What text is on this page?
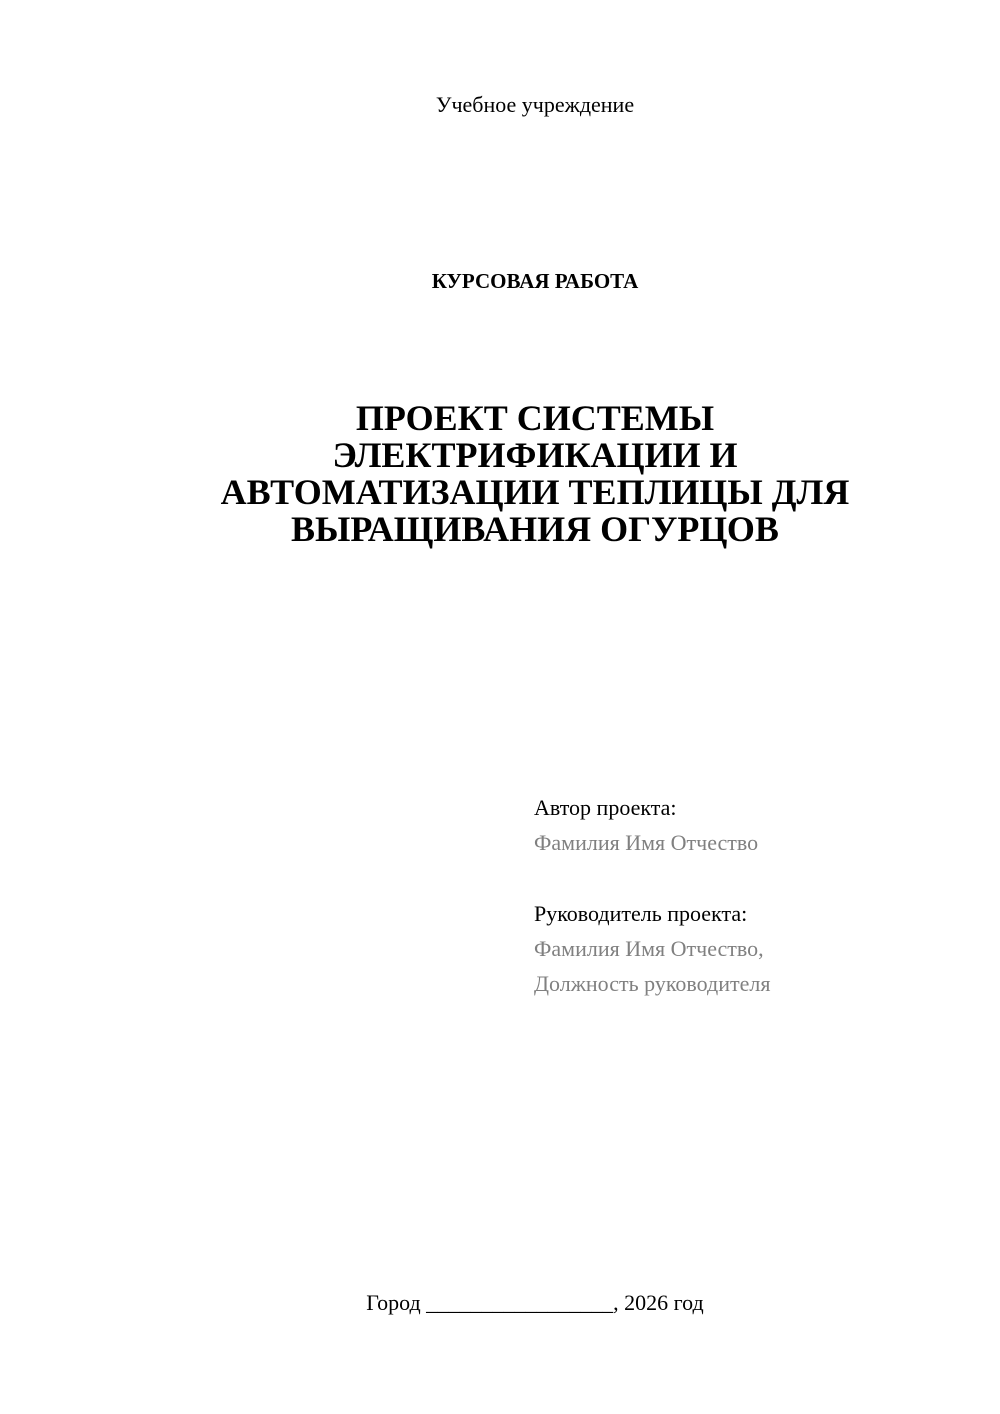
Учебное учреждение
КУРСОВАЯ РАБОТА
ПРОЕКТ СИСТЕМЫ
ЭЛЕКТРИФИКАЦИИ И
АВТОМАТИЗАЦИИ ТЕПЛИЦЫ ДЛЯ
ВЫРАЩИВАНИЯ ОГУРЦОВ
Автор проекта:
Фамилия Имя Отчество
Руководитель проекта:
Фамилия Имя Отчество,
Должность руководителя
Город _________________, 2026 год
